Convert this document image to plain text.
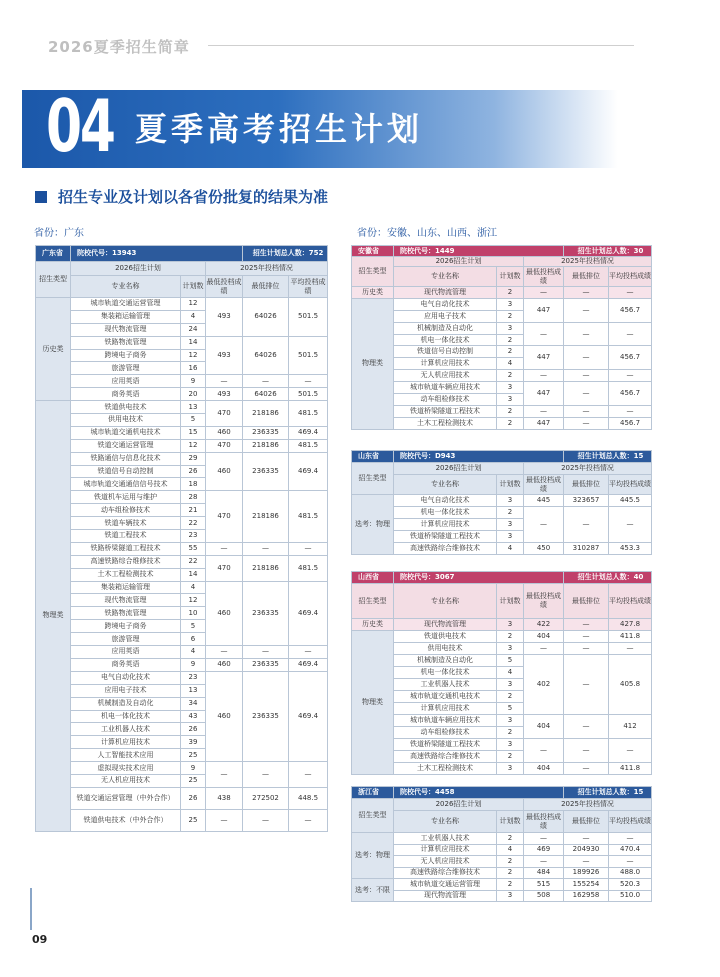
2026夏季招生简章
04 夏季高考招生计划
招生专业及计划以各省份批复的结果为准
省份：广东	省份：安徽、山东、山西、浙江
广东省	院校代号：13943			招生计划总人数：752	
招生类型	2026招生计划		2025年投档情况		
	专业名称	计划数	最低投档成绩	最低排位	平均投档成绩
历史类	城市轨道交通运营管理	12	493	64026	501.5
	集装箱运输管理	4			
	现代物流管理	24			
	铁路物流管理	14	493	64026	501.5
	跨境电子商务	12			
	旅游管理	16			
	应用英语	9	—	—	—
	商务英语	20	493	64026	501.5
物理类	铁道供电技术	13	470	218186	481.5
	供用电技术	5			
	城市轨道交通机电技术	15	460	236335	469.4
	铁道交通运营管理	12	470	218186	481.5
	铁路通信与信息化技术	29	460	236335	469.4
	铁道信号自动控制	26			
	城市轨道交通通信信号技术	18			
	铁道机车运用与维护	28	470	218186	481.5
	动车组检修技术	21			
	铁道车辆技术	22			
	铁道工程技术	23			
	铁路桥梁隧道工程技术	55	—	—	—
	高速铁路综合维修技术	22	470	218186	481.5
	土木工程检测技术	14			
	集装箱运输管理	4	460	236335	469.4
	现代物流管理	12			
	铁路物流管理	10			
	跨境电子商务	5			
	旅游管理	6			
	应用英语	4	—	—	—
	商务英语	9	460	236335	469.4
	电气自动化技术	23	460	236335	469.4
	应用电子技术	13			
	机械制造及自动化	34			
	机电一体化技术	43			
	工业机器人技术	26			
	计算机应用技术	39			
	人工智能技术应用	25			
	虚拟现实技术应用	9	—	—	—
	无人机应用技术	25			
	铁道交通运营管理（中外合作）	26	438	272502	448.5
	铁道供电技术（中外合作）	25	—	—	—
安徽省	院校代号：1449			招生计划总人数：30	
招生类型	2026招生计划		2025年投档情况		
	专业名称	计划数	最低投档成绩	最低排位	平均投档成绩
历史类	现代物流管理	2	—	—	—
物理类	电气自动化技术	3	447	—	456.7
	应用电子技术	2			
	机械制造及自动化	3	—	—	—
	机电一体化技术	2			
	铁道信号自动控制	2	447	—	456.7
	计算机应用技术	4			
	无人机应用技术	2	—	—	—
	城市轨道车辆应用技术	3	447	—	456.7
	动车组检修技术	3			
	铁道桥梁隧道工程技术	2	—	—	—
	土木工程检测技术	2	447	—	456.7
山东省	院校代号：D943			招生计划总人数：15	
招生类型	2026招生计划		2025年投档情况		
	专业名称	计划数	最低投档成绩	最低排位	平均投档成绩
选考：物理	电气自动化技术	3	445	323657	445.5
	机电一体化技术	2	—	—	—
	计算机应用技术	3			
	铁道桥梁隧道工程技术	3			
	高速铁路综合维修技术	4	450	310287	453.3
山西省	院校代号：3067			招生计划总人数：40	
招生类型	专业名称	计划数	最低投档成绩	最低排位	平均投档成绩
历史类	现代物流管理	3	422	—	427.8
物理类	铁道供电技术	2	404	—	411.8
	供用电技术	3	—	—	—
	机械制造及自动化	5	402	—	405.8
	机电一体化技术	4			
	工业机器人技术	3			
	城市轨道交通机电技术	2			
	计算机应用技术	5			
	城市轨道车辆应用技术	3	404	—	412
	动车组检修技术	2			
	铁道桥梁隧道工程技术	3	—	—	—
	高速铁路综合维修技术	2			
	土木工程检测技术	3	404	—	411.8
浙江省	院校代号：4458			招生计划总人数：15	
招生类型	2026招生计划		2025年投档情况		
	专业名称	计划数	最低投档成绩	最低排位	平均投档成绩
选考：物理	工业机器人技术	2	—	—	—
	计算机应用技术	4	469	204930	470.4
	无人机应用技术	2	—	—	—
	高速铁路综合维修技术	2	484	189926	488.0
选考：不限	城市轨道交通运营管理	2	515	155254	520.3
	现代物流管理	3	508	162958	510.0
09
